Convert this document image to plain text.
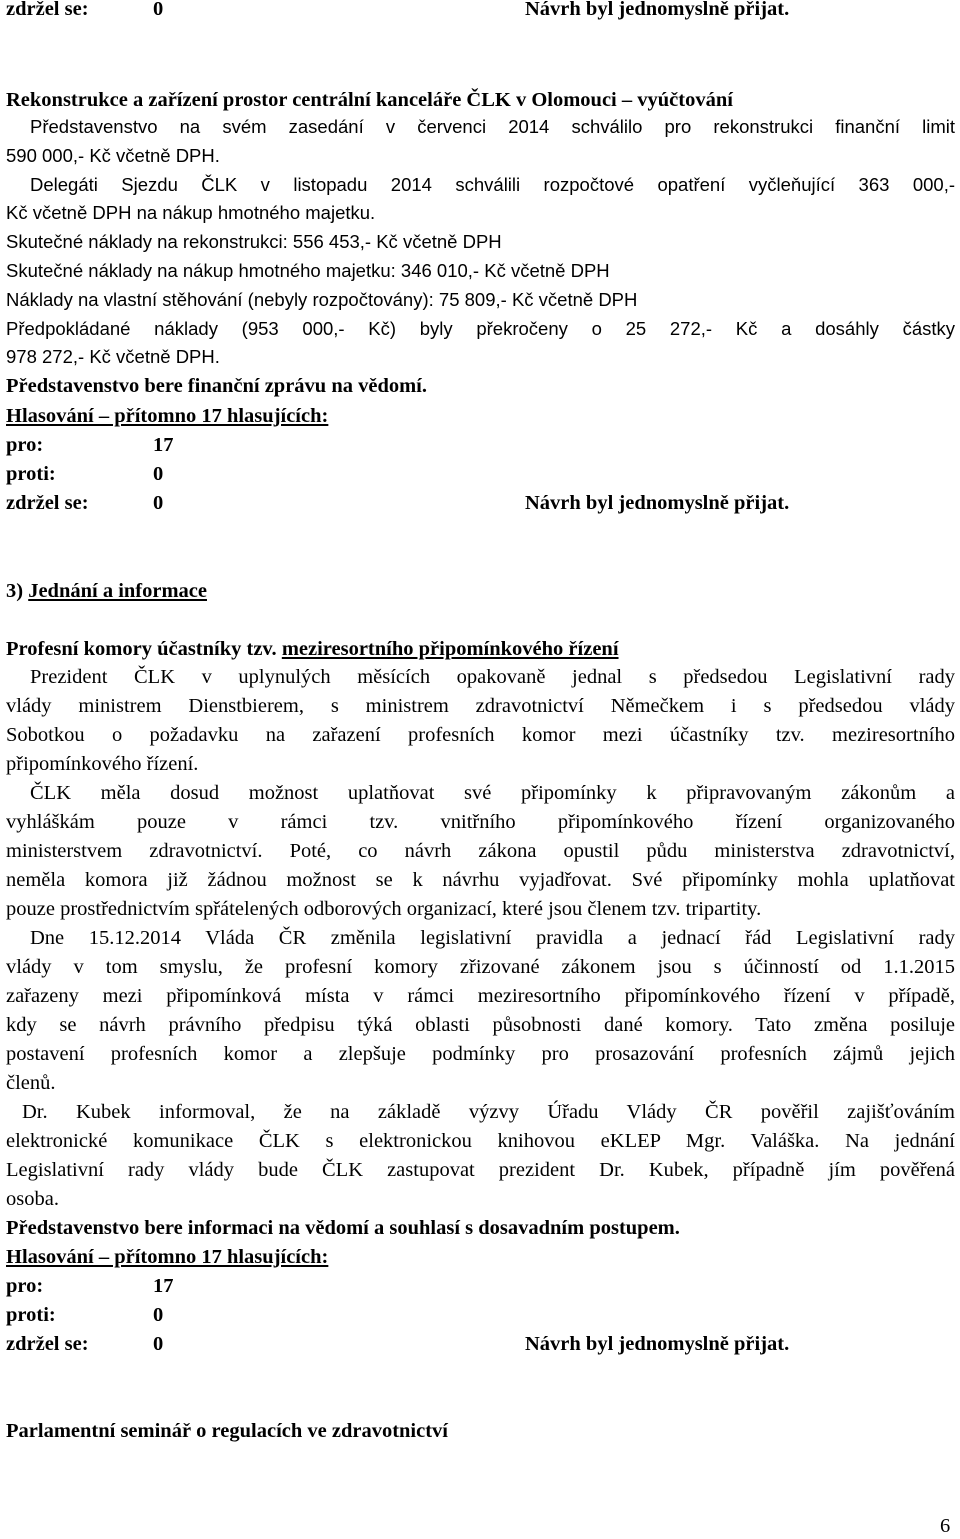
zdržel se:	0	Návrh byl jednomyslně přijat.
Rekonstrukce a zařízení prostor centrální kanceláře ČLK v Olomouci – vyúčtování
Představenstvo na svém zasedání v červenci 2014 schválilo pro rekonstrukci finanční limit
590 000,- Kč včetně DPH.
Delegáti Sjezdu ČLK v listopadu 2014 schválili rozpočtové opatření vyčleňující 363 000,-
Kč včetně DPH na nákup hmotného majetku.
Skutečné náklady na rekonstrukci: 556 453,- Kč včetně DPH
Skutečné náklady na nákup hmotného majetku: 346 010,- Kč včetně DPH
Náklady na vlastní stěhování (nebyly rozpočtovány): 75 809,- Kč včetně DPH
Předpokládané náklady (953 000,- Kč) byly překročeny o 25 272,- Kč a dosáhly částky
978 272,- Kč včetně DPH.
Představenstvo bere finanční zprávu na vědomí.
Hlasování – přítomno 17 hlasujících:
pro:	17
proti:	0
zdržel se:	0	Návrh byl jednomyslně přijat.
3) Jednání a informace
Profesní komory účastníky tzv. meziresortního připomínkového řízení
Prezident ČLK v uplynulých měsících opakovaně jednal s předsedou Legislativní rady
vlády ministrem Dienstbierem, s ministrem zdravotnictví Němečkem i s předsedou vlády
Sobotkou o požadavku na zařazení profesních komor mezi účastníky tzv. meziresortního
připomínkového řízení.
ČLK měla dosud možnost uplatňovat své připomínky k připravovaným zákonům a
vyhláškám pouze v rámci tzv. vnitřního připomínkového řízení organizovaného
ministerstvem zdravotnictví. Poté, co návrh zákona opustil půdu ministerstva zdravotnictví,
neměla komora již žádnou možnost se k návrhu vyjadřovat. Své připomínky mohla uplatňovat
pouze prostřednictvím spřátelených odborových organizací, které jsou členem tzv. tripartity.
Dne 15.12.2014 Vláda ČR změnila legislativní pravidla a jednací řád Legislativní rady
vlády v tom smyslu, že profesní komory zřizované zákonem jsou s účinností od 1.1.2015
zařazeny mezi připomínková místa v rámci meziresortního připomínkového řízení v případě,
kdy se návrh právního předpisu týká oblasti působnosti dané komory. Tato změna posiluje
postavení profesních komor a zlepšuje podmínky pro prosazování profesních zájmů jejich
členů.
Dr. Kubek informoval, že na základě výzvy Úřadu Vlády ČR pověřil zajišťováním
elektronické komunikace ČLK s elektronickou knihovou eKLEP Mgr. Valáška. Na jednání
Legislativní rady vlády bude ČLK zastupovat prezident Dr. Kubek, případně jím pověřená
osoba.
Představenstvo bere informaci na vědomí a souhlasí s dosavadním postupem.
Hlasování – přítomno 17 hlasujících:
pro:	17
proti:	0
zdržel se:	0	Návrh byl jednomyslně přijat.
Parlamentní seminář o regulacích ve zdravotnictví
6
